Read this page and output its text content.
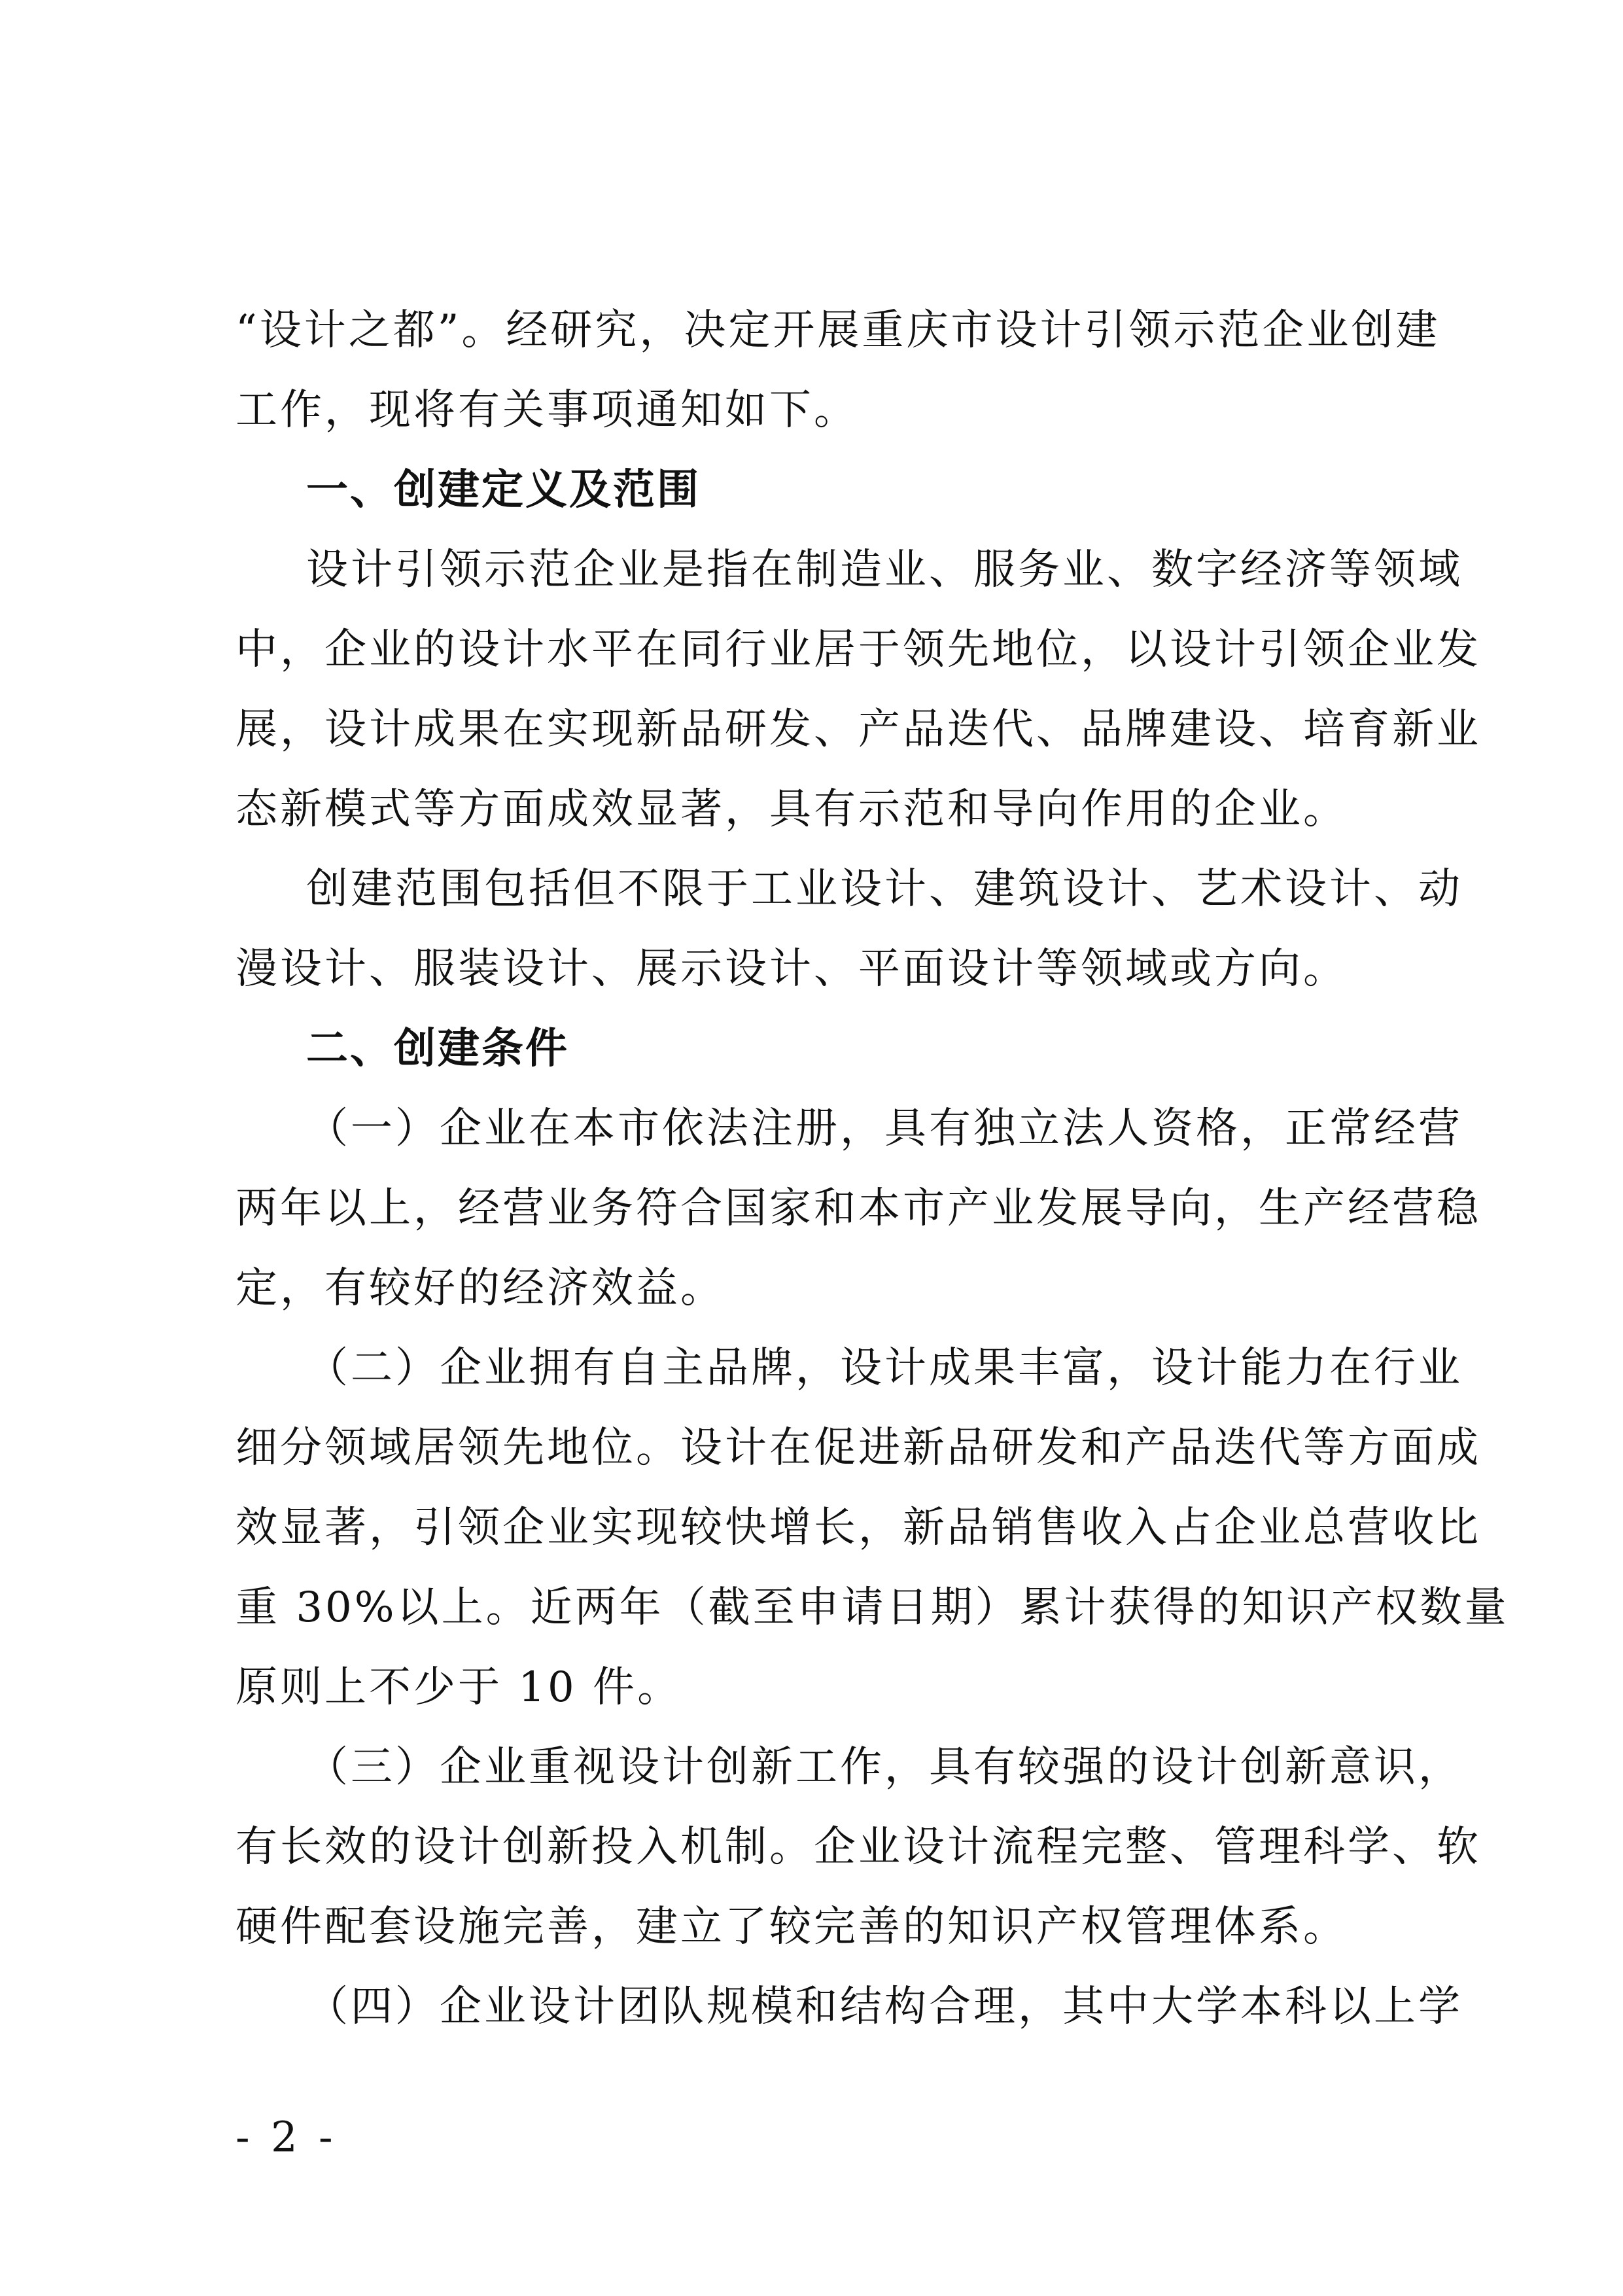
“设计之都”。经研究，决定开展重庆市设计引领示范企业创建
工作，现将有关事项通知如下。
一、创建定义及范围
设计引领示范企业是指在制造业、服务业、数字经济等领域
中，企业的设计水平在同行业居于领先地位，以设计引领企业发
展，设计成果在实现新品研发、产品迭代、品牌建设、培育新业
态新模式等方面成效显著，具有示范和导向作用的企业。
创建范围包括但不限于工业设计、建筑设计、艺术设计、动
漫设计、服装设计、展示设计、平面设计等领域或方向。
二、创建条件
（一）企业在本市依法注册，具有独立法人资格，正常经营
两年以上，经营业务符合国家和本市产业发展导向，生产经营稳
定，有较好的经济效益。
（二）企业拥有自主品牌，设计成果丰富，设计能力在行业
细分领域居领先地位。设计在促进新品研发和产品迭代等方面成
效显著，引领企业实现较快增长，新品销售收入占企业总营收比
重 30%以上。近两年（截至申请日期）累计获得的知识产权数量
原则上不少于 10 件。
（三）企业重视设计创新工作，具有较强的设计创新意识，
有长效的设计创新投入机制。企业设计流程完整、管理科学、软
硬件配套设施完善，建立了较完善的知识产权管理体系。
（四）企业设计团队规模和结构合理，其中大学本科以上学
- 2 -
